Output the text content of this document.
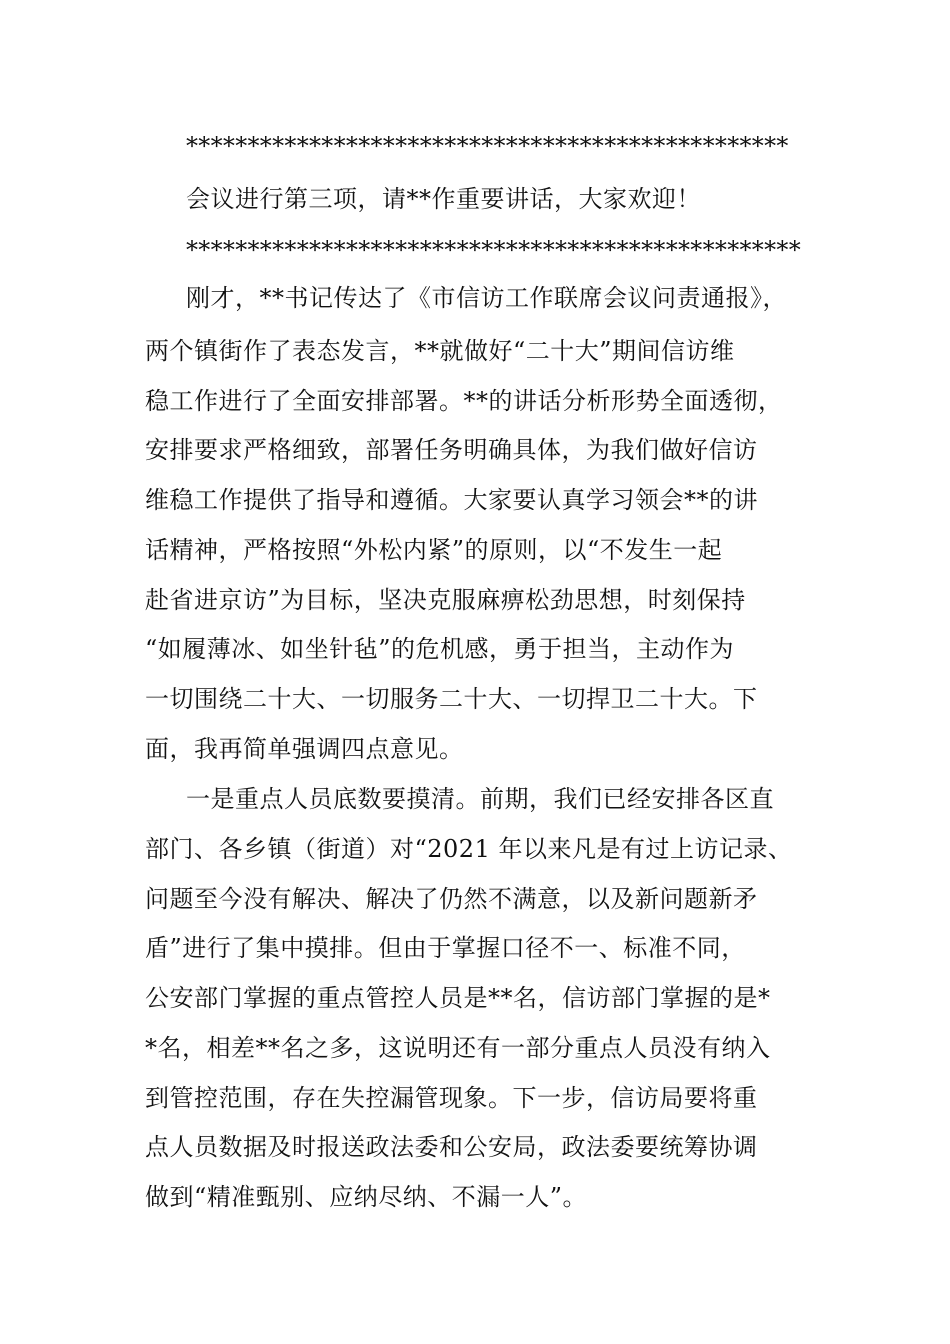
*************************************************
会议进行第三项，请**作重要讲话，大家欢迎！
**************************************************
刚才，**书记传达了《市信访工作联席会议问责通报》，
两个镇街作了表态发言，**就做好“二十大”期间信访维
稳工作进行了全面安排部署。**的讲话分析形势全面透彻，
安排要求严格细致，部署任务明确具体，为我们做好信访
维稳工作提供了指导和遵循。大家要认真学习领会**的讲
话精神，严格按照“外松内紧”的原则，以“不发生一起
赴省进京访”为目标，坚决克服麻痹松劲思想，时刻保持
“如履薄冰、如坐针毡”的危机感，勇于担当，主动作为
一切围绕二十大、一切服务二十大、一切捍卫二十大。下
面，我再简单强调四点意见。
一是重点人员底数要摸清。前期，我们已经安排各区直
部门、各乡镇（街道）对“2021 年以来凡是有过上访记录、
问题至今没有解决、解决了仍然不满意，以及新问题新矛
盾”进行了集中摸排。但由于掌握口径不一、标准不同，
公安部门掌握的重点管控人员是**名，信访部门掌握的是*
*名，相差**名之多，这说明还有一部分重点人员没有纳入
到管控范围，存在失控漏管现象。下一步，信访局要将重
点人员数据及时报送政法委和公安局，政法委要统筹协调
做到“精准甄别、应纳尽纳、不漏一人”。
